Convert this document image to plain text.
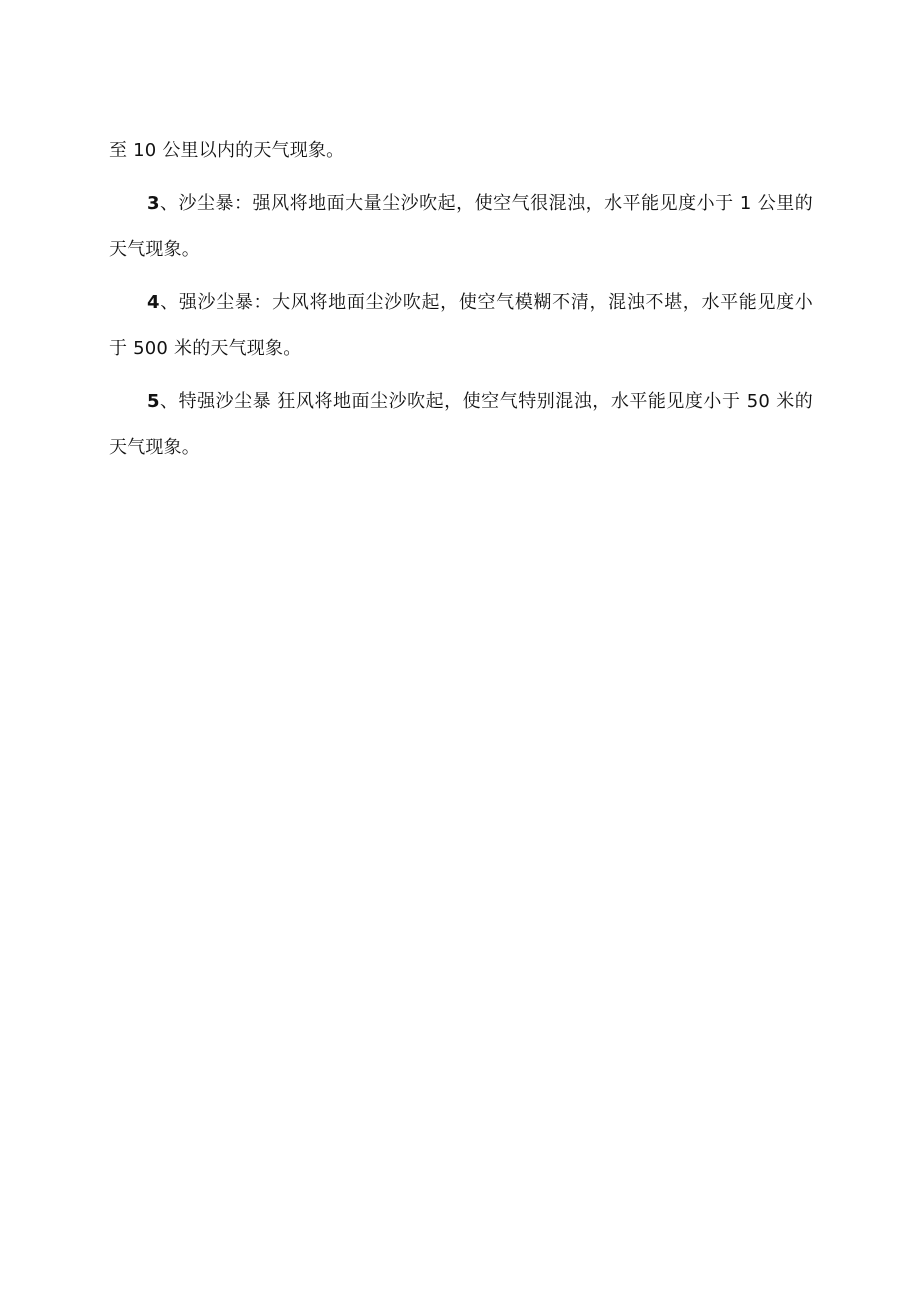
至 10 公里以内的天气现象。

3、沙尘暴：强风将地面大量尘沙吹起，使空气很混浊，水平能见度小于 1 公里的天气现象。

4、强沙尘暴：大风将地面尘沙吹起，使空气模糊不清，混浊不堪，水平能见度小于 500 米的天气现象。

5、特强沙尘暴 狂风将地面尘沙吹起，使空气特别混浊，水平能见度小于 50 米的天气现象。
